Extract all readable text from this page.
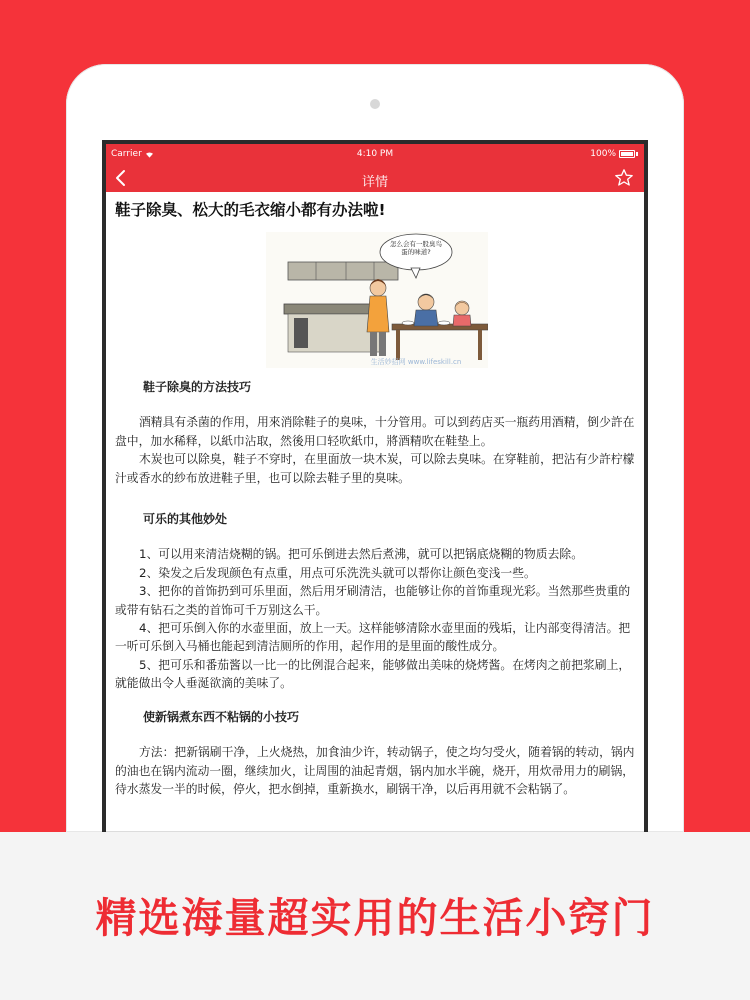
精选海量超实用的生活小窍门
Carrier	4:10 PM	100%
详情
鞋子除臭、松大的毛衣缩小都有办法啦!
怎么会有一股臭鸟蛋的味道?
生活妙招网 www.lifeskill.cn
鞋子除臭的方法技巧

酒精具有杀菌的作用，用來消除鞋子的臭味，十分管用。可以到药店买一瓶药用酒精，倒少許在盘中，加水稀释，以紙巾沾取，然後用口轻吹紙巾，將酒精吹在鞋垫上。

木炭也可以除臭，鞋子不穿时，在里面放一块木炭，可以除去臭味。在穿鞋前，把沾有少許柠檬汁或香水的紗布放进鞋子里，也可以除去鞋子里的臭味。

可乐的其他妙处

1、可以用来清洁烧糊的锅。把可乐倒进去然后煮沸，就可以把锅底烧糊的物质去除。

2、染发之后发现颜色有点重，用点可乐洗洗头就可以帮你让颜色变浅一些。

3、把你的首饰扔到可乐里面，然后用牙刷清洁，也能够让你的首饰重现光彩。当然那些贵重的或带有钻石之类的首饰可千万别这么干。

4、把可乐倒入你的水壶里面，放上一天。这样能够清除水壶里面的残垢，让内部变得清洁。把一听可乐倒入马桶也能起到清洁厕所的作用，起作用的是里面的酸性成分。

5、把可乐和番茄酱以一比一的比例混合起来，能够做出美味的烧烤酱。在烤肉之前把浆刷上，就能做出令人垂涎欲滴的美味了。

使新锅煮东西不粘锅的小技巧

方法：把新锅刷干净，上火烧热，加食油少许，转动锅子，使之均匀受火，随着锅的转动，锅内的油也在锅内流动一圈，继续加火，让周围的油起青烟，锅内加水半碗，烧开，用炊帚用力的刷锅，待水蒸发一半的时候，停火，把水倒掉，重新换水，刷锅干净，以后再用就不会粘锅了。
